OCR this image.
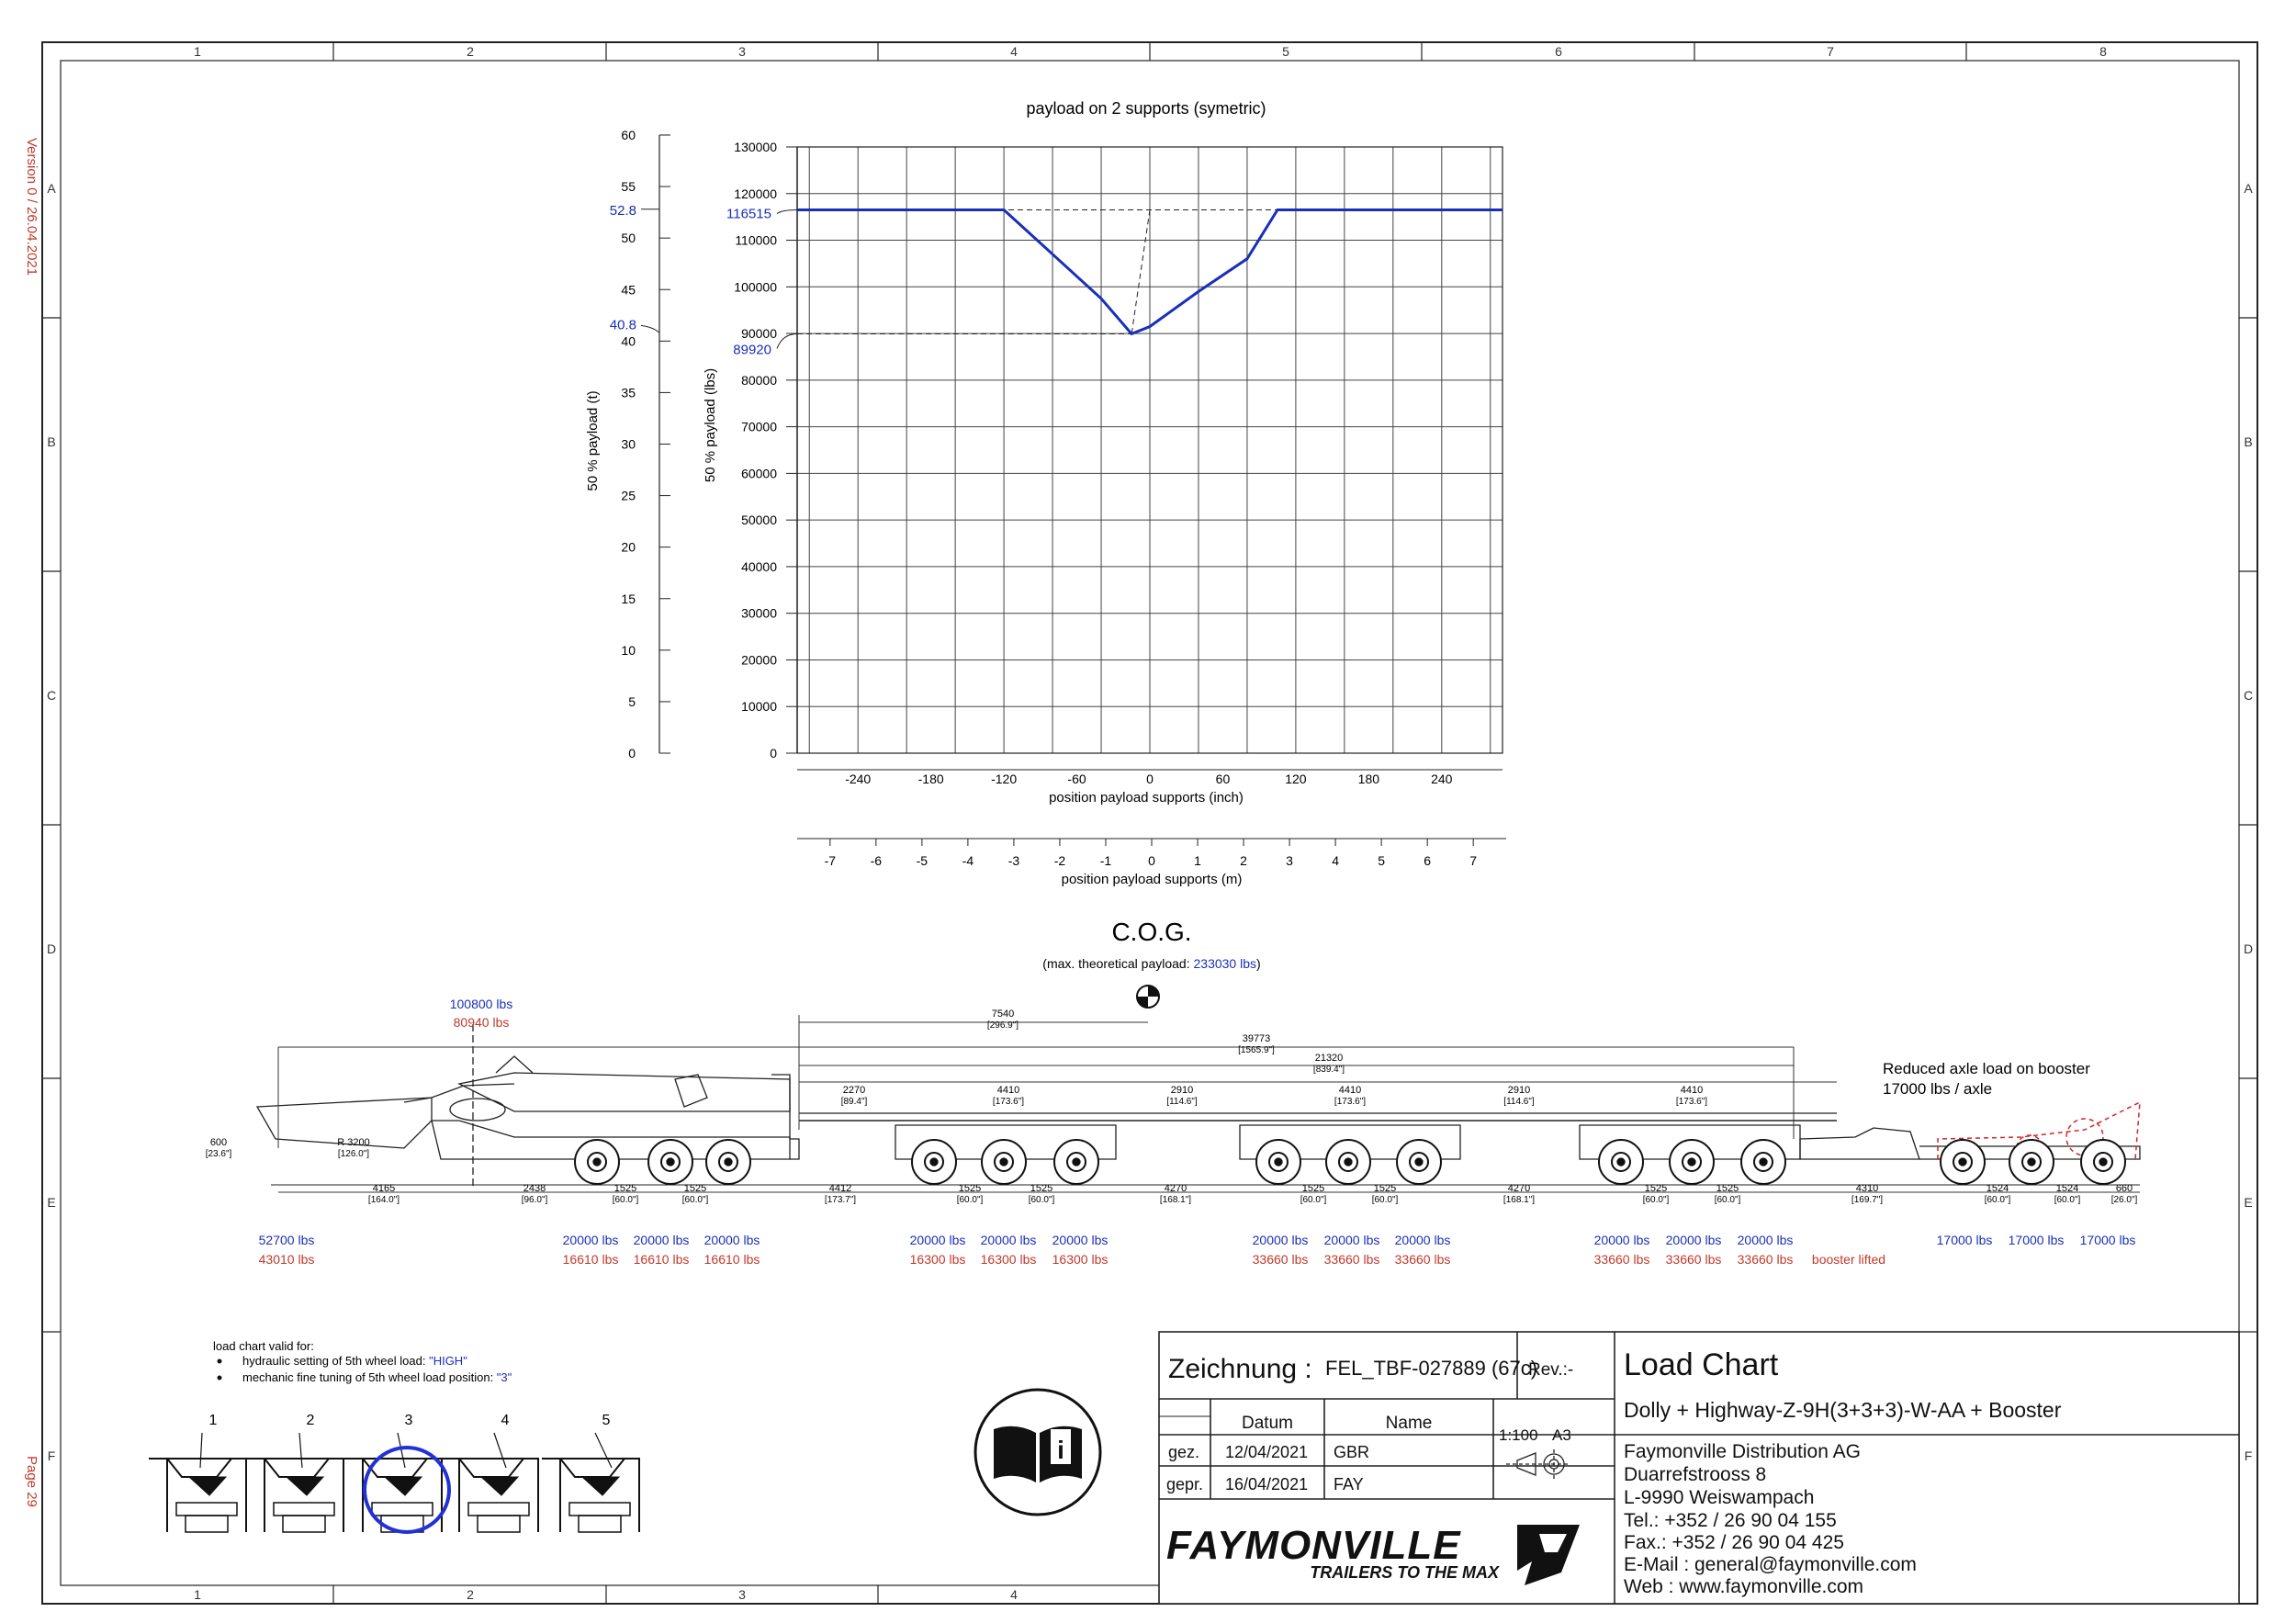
1	2	3	4	5	6	7	8
1	2	3	4
A
B
C
D
E
F
A
B
C
D
E
F
Version 0 / 26.04.2021
Page 29
payload on 2 supports (symetric)
0
10000
20000
30000
40000
50000
60000
70000
80000
90000
100000
110000
120000
130000
0
5
10
15
20
25
30
35
40
45
50
55
60
-240	-180	-120	-60	0	60	120	180	240
-7	-6	-5	-4	-3	-2	-1	0	1	2	3	4	5	6	7
116515
89920
52.8
40.8
50 % payload (t)	50 % payload (lbs)
position payload supports (inch)
position payload supports (m)
C.O.G.
(max. theoretical payload: 233030 lbs)
7540
[296.9"]
39773
[1565.9"]
21320
[839.4"]
2270
[89.4"]
4410
[173.6"]
2910
[114.6"]
4410
[173.6"]
2910
[114.6"]
4410
[173.6"]
600
[23.6"]
R 3200
[126.0"]
4165
[164.0"]
2438
[96.0"]
1525
[60.0"]
1525
[60.0"]
4412
[173.7"]
1525
[60.0"]
1525
[60.0"]
4270
[168.1"]
1525
[60.0"]
1525
[60.0"]
4270
[168.1"]
1525
[60.0"]
1525
[60.0"]
4310
[169.7"]
1524
[60.0"]
1524
[60.0"]
660
[26.0"]
100800 lbs
80940 lbs
Reduced axle load on booster
17000 lbs / axle
52700 lbs
43010 lbs
20000 lbs
16610 lbs
20000 lbs
16610 lbs
20000 lbs
16610 lbs
20000 lbs
16300 lbs
20000 lbs
16300 lbs
20000 lbs
16300 lbs
20000 lbs
33660 lbs
20000 lbs
33660 lbs
20000 lbs
33660 lbs
20000 lbs
33660 lbs
20000 lbs
33660 lbs
20000 lbs
33660 lbs booster lifted
17000 lbs 17000 lbs 17000 lbs
load chart valid for:
hydraulic setting of 5th wheel load: "HIGH"
mechanic fine tuning of 5th wheel load position: "3"
1	2	3	4	5
i
Zeichnung : FEL_TBF-027889 (67c)
Rev.:-
Datum	Name
gez. 12/04/2021 GBR
gepr. 16/04/2021 FAY
1:100 A3
FAYMONVILLE
TRAILERS TO THE MAX
Load Chart
Dolly + Highway-Z-9H(3+3+3)-W-AA + Booster
Faymonville Distribution AG
Duarrefstrooss 8
L-9990 Weiswampach
Tel.: +352 / 26 90 04 155
Fax.: +352 / 26 90 04 425
E-Mail : general@faymonville.com
Web : www.faymonville.com
